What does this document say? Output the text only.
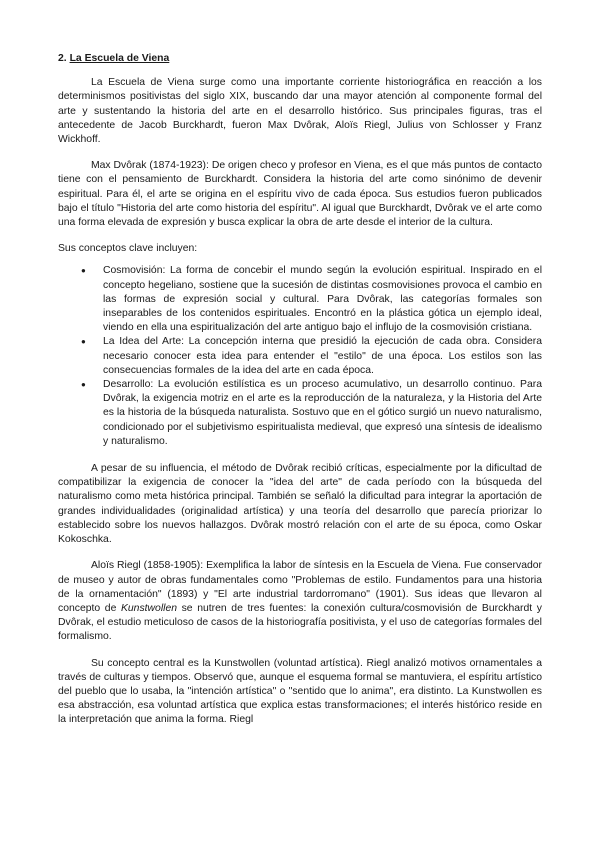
2. La Escuela de Viena

La Escuela de Viena surge como una importante corriente historiográfica en reacción a los determinismos positivistas del siglo XIX, buscando dar una mayor atención al componente formal del arte y sustentando la historia del arte en el desarrollo histórico. Sus principales figuras, tras el antecedente de Jacob Burckhardt, fueron Max Dvôrak, Aloïs Riegl, Julius von Schlosser y Franz Wickhoff.

Max Dvôrak (1874-1923): De origen checo y profesor en Viena, es el que más puntos de contacto tiene con el pensamiento de Burckhardt. Considera la historia del arte como sinónimo de devenir espiritual. Para él, el arte se origina en el espíritu vivo de cada época. Sus estudios fueron publicados bajo el título "Historia del arte como historia del espíritu". Al igual que Burckhardt, Dvôrak ve el arte como una forma elevada de expresión y busca explicar la obra de arte desde el interior de la cultura.

Sus conceptos clave incluyen:

● Cosmovisión: La forma de concebir el mundo según la evolución espiritual. Inspirado en el concepto hegeliano, sostiene que la sucesión de distintas cosmovisiones provoca el cambio en las formas de expresión social y cultural. Para Dvôrak, las categorías formales son inseparables de los contenidos espirituales. Encontró en la plástica gótica un ejemplo ideal, viendo en ella una espiritualización del arte antiguo bajo el influjo de la cosmovisión cristiana.
● La Idea del Arte: La concepción interna que presidió la ejecución de cada obra. Considera necesario conocer esta idea para entender el "estilo" de una época. Los estilos son las consecuencias formales de la idea del arte en cada época.
● Desarrollo: La evolución estilística es un proceso acumulativo, un desarrollo continuo. Para Dvôrak, la exigencia motriz en el arte es la reproducción de la naturaleza, y la Historia del Arte es la historia de la búsqueda naturalista. Sostuvo que en el gótico surgió un nuevo naturalismo, condicionado por el subjetivismo espiritualista medieval, que expresó una síntesis de idealismo y naturalismo.

A pesar de su influencia, el método de Dvôrak recibió críticas, especialmente por la dificultad de compatibilizar la exigencia de conocer la "idea del arte" de cada período con la búsqueda del naturalismo como meta histórica principal. También se señaló la dificultad para integrar la aportación de grandes individualidades (originalidad artística) y una teoría del desarrollo que parecía priorizar lo establecido sobre los nuevos hallazgos. Dvôrak mostró relación con el arte de su época, como Oskar Kokoschka.

Aloïs Riegl (1858-1905): Exemplifica la labor de síntesis en la Escuela de Viena. Fue conservador de museo y autor de obras fundamentales como "Problemas de estilo. Fundamentos para una historia de la ornamentación" (1893) y "El arte industrial tardorromano" (1901). Sus ideas que llevaron al concepto de Kunstwollen se nutren de tres fuentes: la conexión cultura/cosmovisión de Burckhardt y Dvôrak, el estudio meticuloso de casos de la historiografía positivista, y el uso de categorías formales del formalismo.

Su concepto central es la Kunstwollen (voluntad artística). Riegl analizó motivos ornamentales a través de culturas y tiempos. Observó que, aunque el esquema formal se mantuviera, el espíritu artístico del pueblo que lo usaba, la "intención artística" o "sentido que lo anima", era distinto. La Kunstwollen es esa abstracción, esa voluntad artística que explica estas transformaciones; el interés histórico reside en la interpretación que anima la forma. Riegl
